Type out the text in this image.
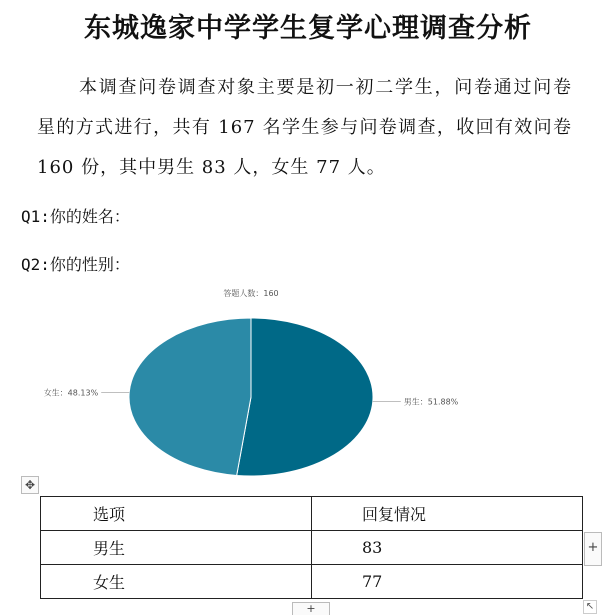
东城逸家中学学生复学心理调查分析
本调查问卷调查对象主要是初一初二学生，问卷通过问卷星的方式进行，共有 167 名学生参与问卷调查，收回有效问卷 160 份，其中男生 83 人，女生 77 人。
Q1:你的姓名：
Q2:你的性别：
答题人数：160
男生：51.88%
女生：48.13%
✥
选项	回复情况
男生	83
女生	77
+
+	↖
